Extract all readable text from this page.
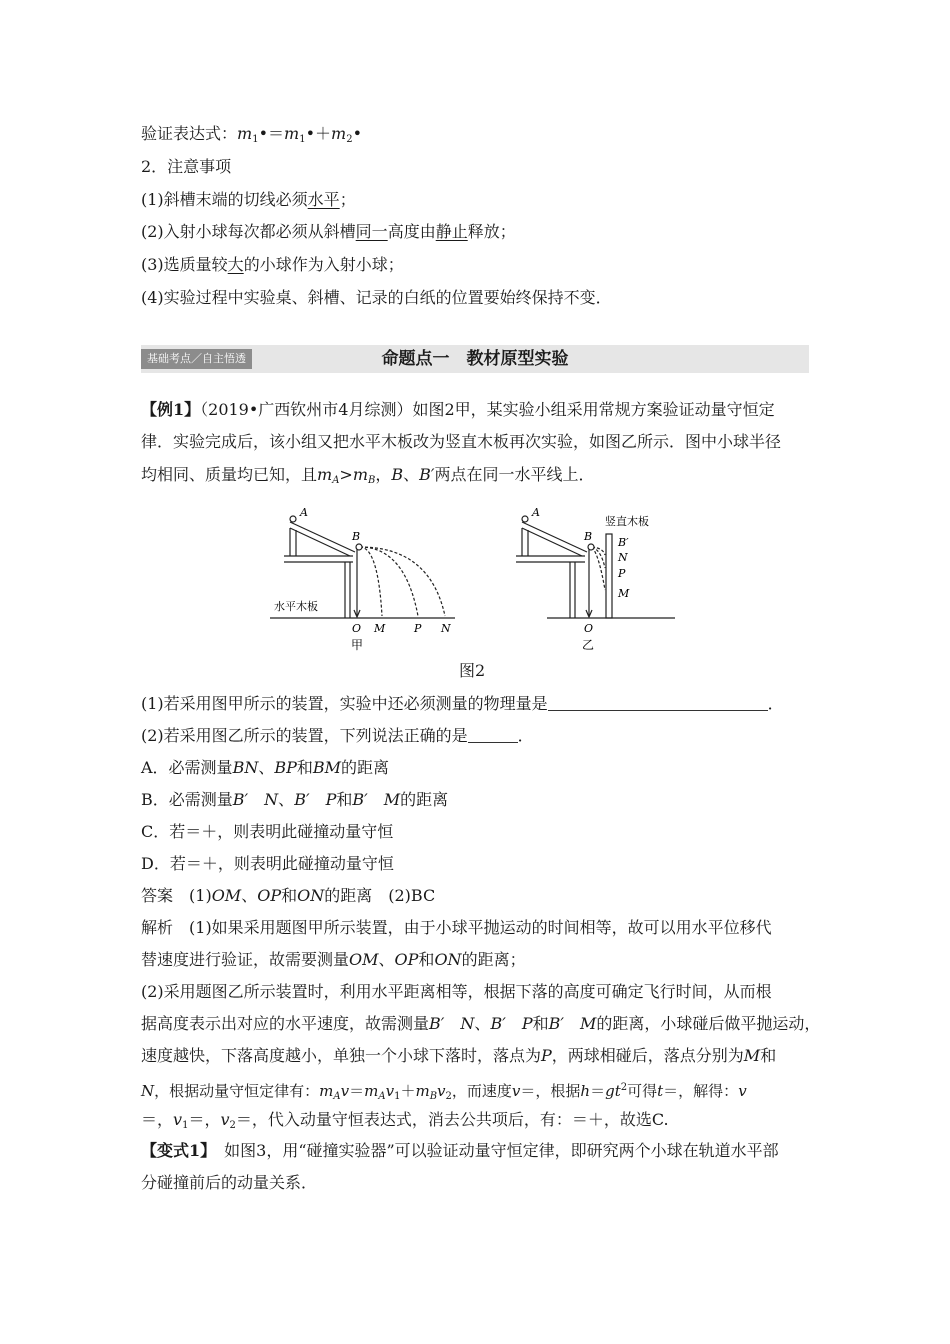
验证表达式：$m_1•=m_1•+m_2•$
2．注意事项
(1)斜槽末端的切线必须水平；
(2)入射小球每次都必须从斜槽同一高度由静止释放；
(3)选质量较大的小球作为入射小球；
(4)实验过程中实验桌、斜槽、记录的白纸的位置要始终保持不变．
基础考点／自主悟透	命题点一　教材原型实验
【例1】（2019•广西钦州市4月综测）如图2甲，某实验小组采用常规方案验证动量守恒定
律．实验完成后，该小组又把水平木板改为竖直木板再次实验，如图乙所示．图中小球半径
均相同、质量均已知，且$m_A>m_B$，B、B′两点在同一水平线上．
A
B
水平木板
O M	P N
甲
A
B
竖直木板
B′
N
P
M
O
乙
图2
(1)若采用图甲所示的装置，实验中还必须测量的物理量是	．
(2)若采用图乙所示的装置，下列说法正确的是	．
A．必需测量BN、BP和BM的距离
B．必需测量B′　N、B′　P和B′　M的距离
C．若＝＋，则表明此碰撞动量守恒
D．若＝＋，则表明此碰撞动量守恒
答案　(1)OM、OP和ON的距离　(2)BC
解析　(1)如果采用题图甲所示装置，由于小球平抛运动的时间相等，故可以用水平位移代
替速度进行验证，故需要测量OM、OP和ON的距离；
(2)采用题图乙所示装置时，利用水平距离相等，根据下落的高度可确定飞行时间，从而根
据高度表示出对应的水平速度，故需测量B′　N、B′　P和B′　M的距离，小球碰后做平抛运动，
速度越快，下落高度越小，单独一个小球下落时，落点为P，两球相碰后，落点分别为M和
N，根据动量守恒定律有：$m_Av=m_Av_1+m_Bv_2$，而速度v＝，根据$h=gt^2$可得t＝，解得：v
＝，$v_1=$，$v_2=$，代入动量守恒表达式，消去公共项后，有：＝＋，故选C.
【变式1】　如图3，用“碰撞实验器”可以验证动量守恒定律，即研究两个小球在轨道水平部
分碰撞前后的动量关系．
